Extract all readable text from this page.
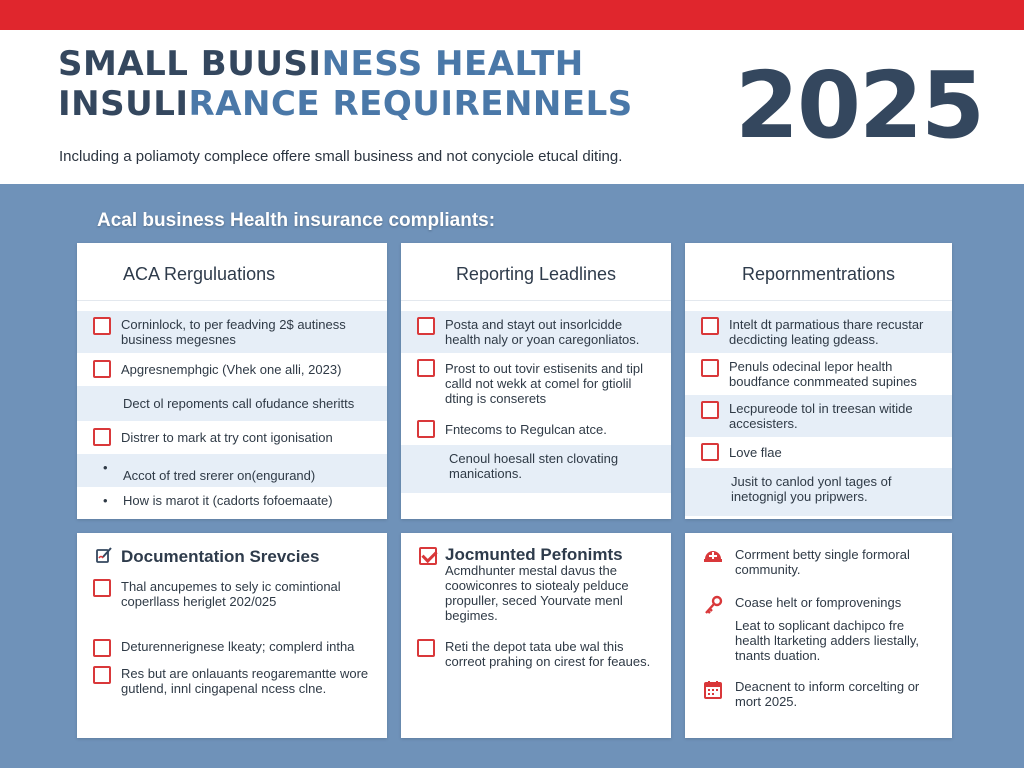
SMALL BUUSINESS HEALTH
INSULIRANCE REQUIRENNELS	2025
Including a poliamoty complece offere small business and not conyciole etucal diting.
Acal business Health insurance compliants:
ACA Rerguluations
Corninlock, to per feadving 2$ autiness business megesnes
Apgresnemphgic (Vhek one alli, 2023)
Dect ol repoments call ofudance sheritts
Distrer to mark at try cont igonisation
• Accot of tred srerer on(engurand)
• How is marot it (cadorts fofoemaate)
Reporting Leadlines
Posta and stayt out insorlcidde health naly or yoan caregonliatos.
Prost to out tovir estisenits and tipl calld not wekk at comel for gtiolil dting is conserets
Fntecoms to Regulcan atce.
Cenoul hoesall sten clovating manications.
Repornmentrations
Intelt dt parmatious thare recustar decdicting leating gdeass.
Penuls odecinal lepor health boudfance conmmeated supines
Lecpureode tol in treesan witide accesisters.
Love flae
Jusit to canlod yonl tages of inetognigl you pripwers.
Documentation Srevcies
Thal ancupemes to sely ic comintional coperllass heriglet 202/025
Deturennerignese lkeaty; complerd intha
Res but are onlauants reogaremantte wore gutlend, innl cingapenal ncess clne.
Jocmunted Pefonimts
Acmdhunter mestal davus the coowiconres to siotealy pelduce propuller, seced Yourvate menl begimes.
Reti the depot tata ube wal this correot prahing on cirest for feaues.
Corrment betty single formoral community.
Coase helt or fomprovenings
Leat to soplicant dachipco fre health ltarketing adders liestally, tnants duation.
Deacnent to inform corcelting or mort 2025.
